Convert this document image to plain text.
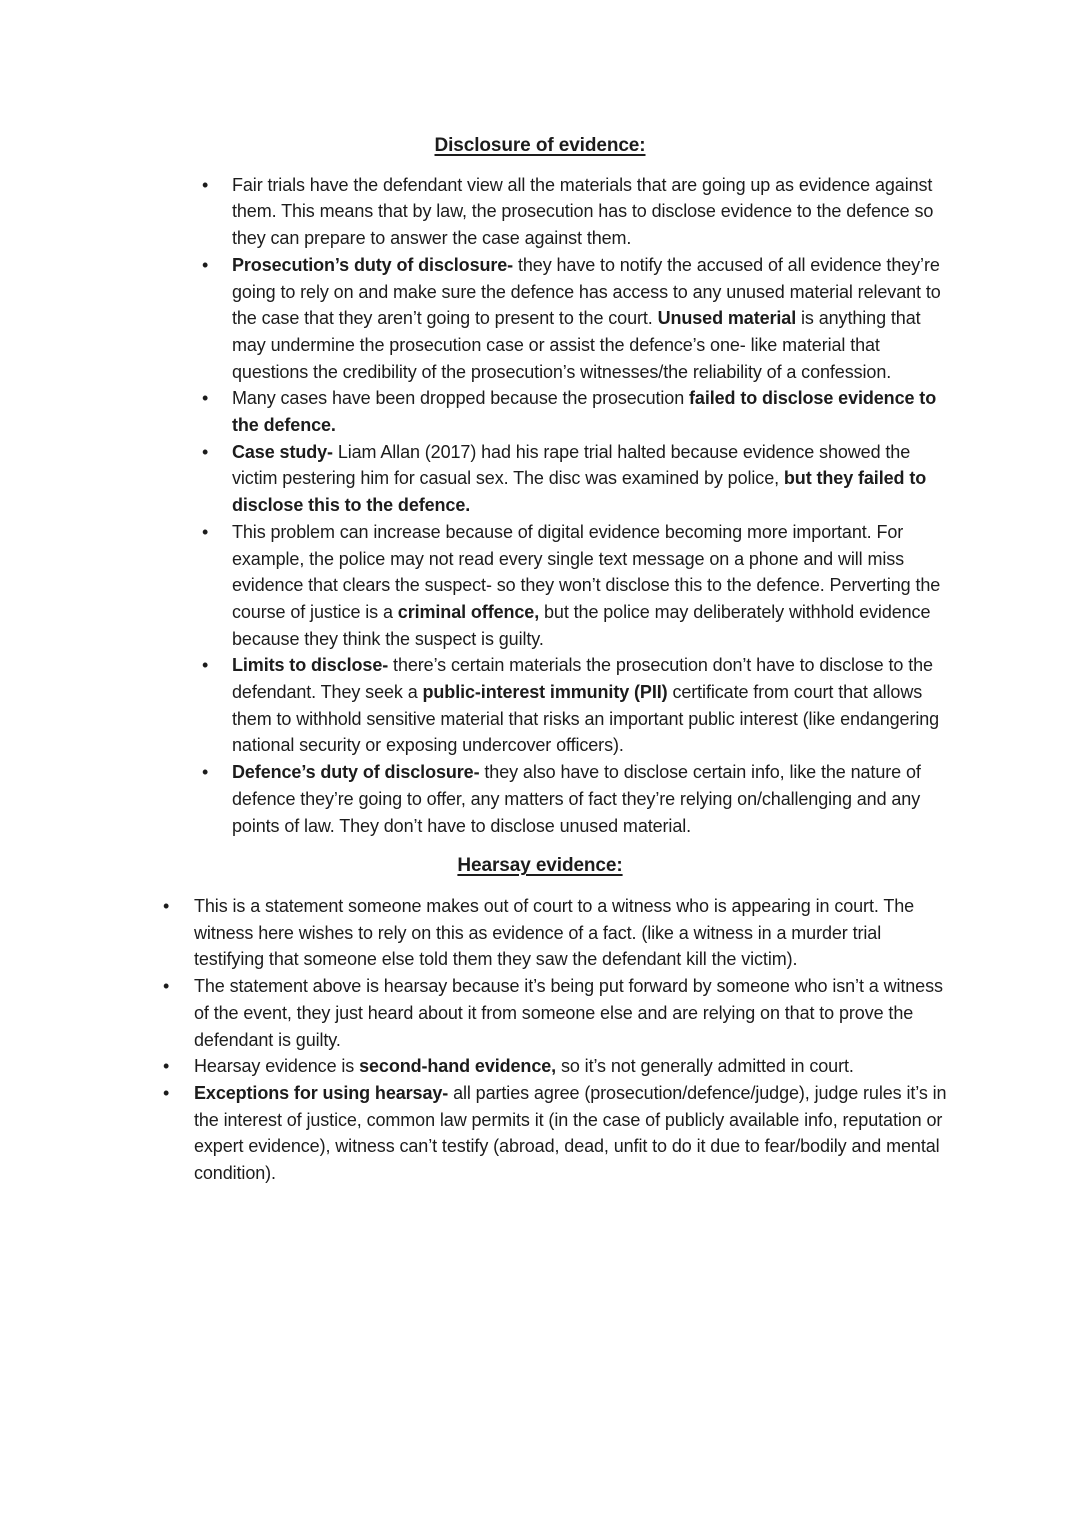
Disclosure of evidence:
•	Fair trials have the defendant view all the materials that are going up as evidence against them. This means that by law, the prosecution has to disclose evidence to the defence so they can prepare to answer the case against them.
•	Prosecution’s duty of disclosure- they have to notify the accused of all evidence they’re going to rely on and make sure the defence has access to any unused material relevant to the case that they aren’t going to present to the court. Unused material is anything that may undermine the prosecution case or assist the defence’s one- like material that questions the credibility of the prosecution’s witnesses/the reliability of a confession.
•	Many cases have been dropped because the prosecution failed to disclose evidence to the defence.
•	Case study- Liam Allan (2017) had his rape trial halted because evidence showed the victim pestering him for casual sex. The disc was examined by police, but they failed to disclose this to the defence.
•	This problem can increase because of digital evidence becoming more important. For example, the police may not read every single text message on a phone and will miss evidence that clears the suspect- so they won’t disclose this to the defence. Perverting the course of justice is a criminal offence, but the police may deliberately withhold evidence because they think the suspect is guilty.
•	Limits to disclose- there’s certain materials the prosecution don’t have to disclose to the defendant. They seek a public-interest immunity (PII) certificate from court that allows them to withhold sensitive material that risks an important public interest (like endangering national security or exposing undercover officers).
•	Defence’s duty of disclosure- they also have to disclose certain info, like the nature of defence they’re going to offer, any matters of fact they’re relying on/challenging and any points of law. They don’t have to disclose unused material.
Hearsay evidence:
•	This is a statement someone makes out of court to a witness who is appearing in court. The witness here wishes to rely on this as evidence of a fact. (like a witness in a murder trial testifying that someone else told them they saw the defendant kill the victim).
•	The statement above is hearsay because it’s being put forward by someone who isn’t a witness of the event, they just heard about it from someone else and are relying on that to prove the defendant is guilty.
•	Hearsay evidence is second-hand evidence, so it’s not generally admitted in court.
•	Exceptions for using hearsay- all parties agree (prosecution/defence/judge), judge rules it’s in the interest of justice, common law permits it (in the case of publicly available info, reputation or expert evidence), witness can’t testify (abroad, dead, unfit to do it due to fear/bodily and mental condition).
